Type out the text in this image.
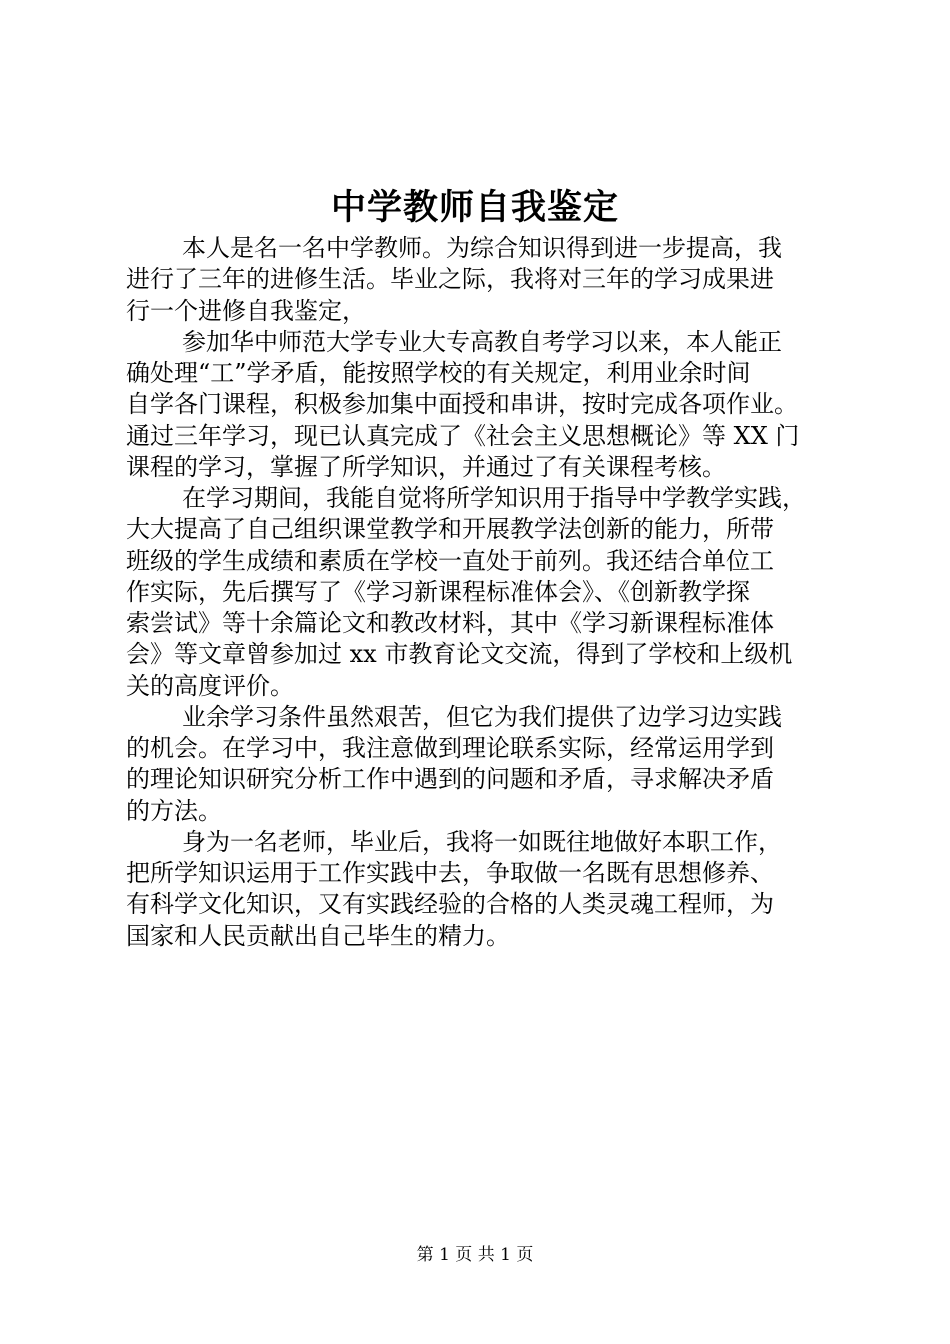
中学教师自我鉴定
本人是名一名中学教师。为综合知识得到进一步提高，我
进行了三年的进修生活。毕业之际，我将对三年的学习成果进
行一个进修自我鉴定，
参加华中师范大学专业大专高教自考学习以来，本人能正
确处理“工”学矛盾，能按照学校的有关规定，利用业余时间
自学各门课程，积极参加集中面授和串讲，按时完成各项作业。
通过三年学习，现已认真完成了《社会主义思想概论》等 XX 门
课程的学习，掌握了所学知识，并通过了有关课程考核。
在学习期间，我能自觉将所学知识用于指导中学教学实践，
大大提高了自己组织课堂教学和开展教学法创新的能力，所带
班级的学生成绩和素质在学校一直处于前列。我还结合单位工
作实际，先后撰写了《学习新课程标准体会》、《创新教学探
索尝试》等十余篇论文和教改材料，其中《学习新课程标准体
会》等文章曾参加过 xx 市教育论文交流，得到了学校和上级机
关的高度评价。
业余学习条件虽然艰苦，但它为我们提供了边学习边实践
的机会。在学习中，我注意做到理论联系实际，经常运用学到
的理论知识研究分析工作中遇到的问题和矛盾，寻求解决矛盾
的方法。
身为一名老师，毕业后，我将一如既往地做好本职工作，
把所学知识运用于工作实践中去，争取做一名既有思想修养、
有科学文化知识，又有实践经验的合格的人类灵魂工程师，为
国家和人民贡献出自己毕生的精力。
第 1 页 共 1 页
